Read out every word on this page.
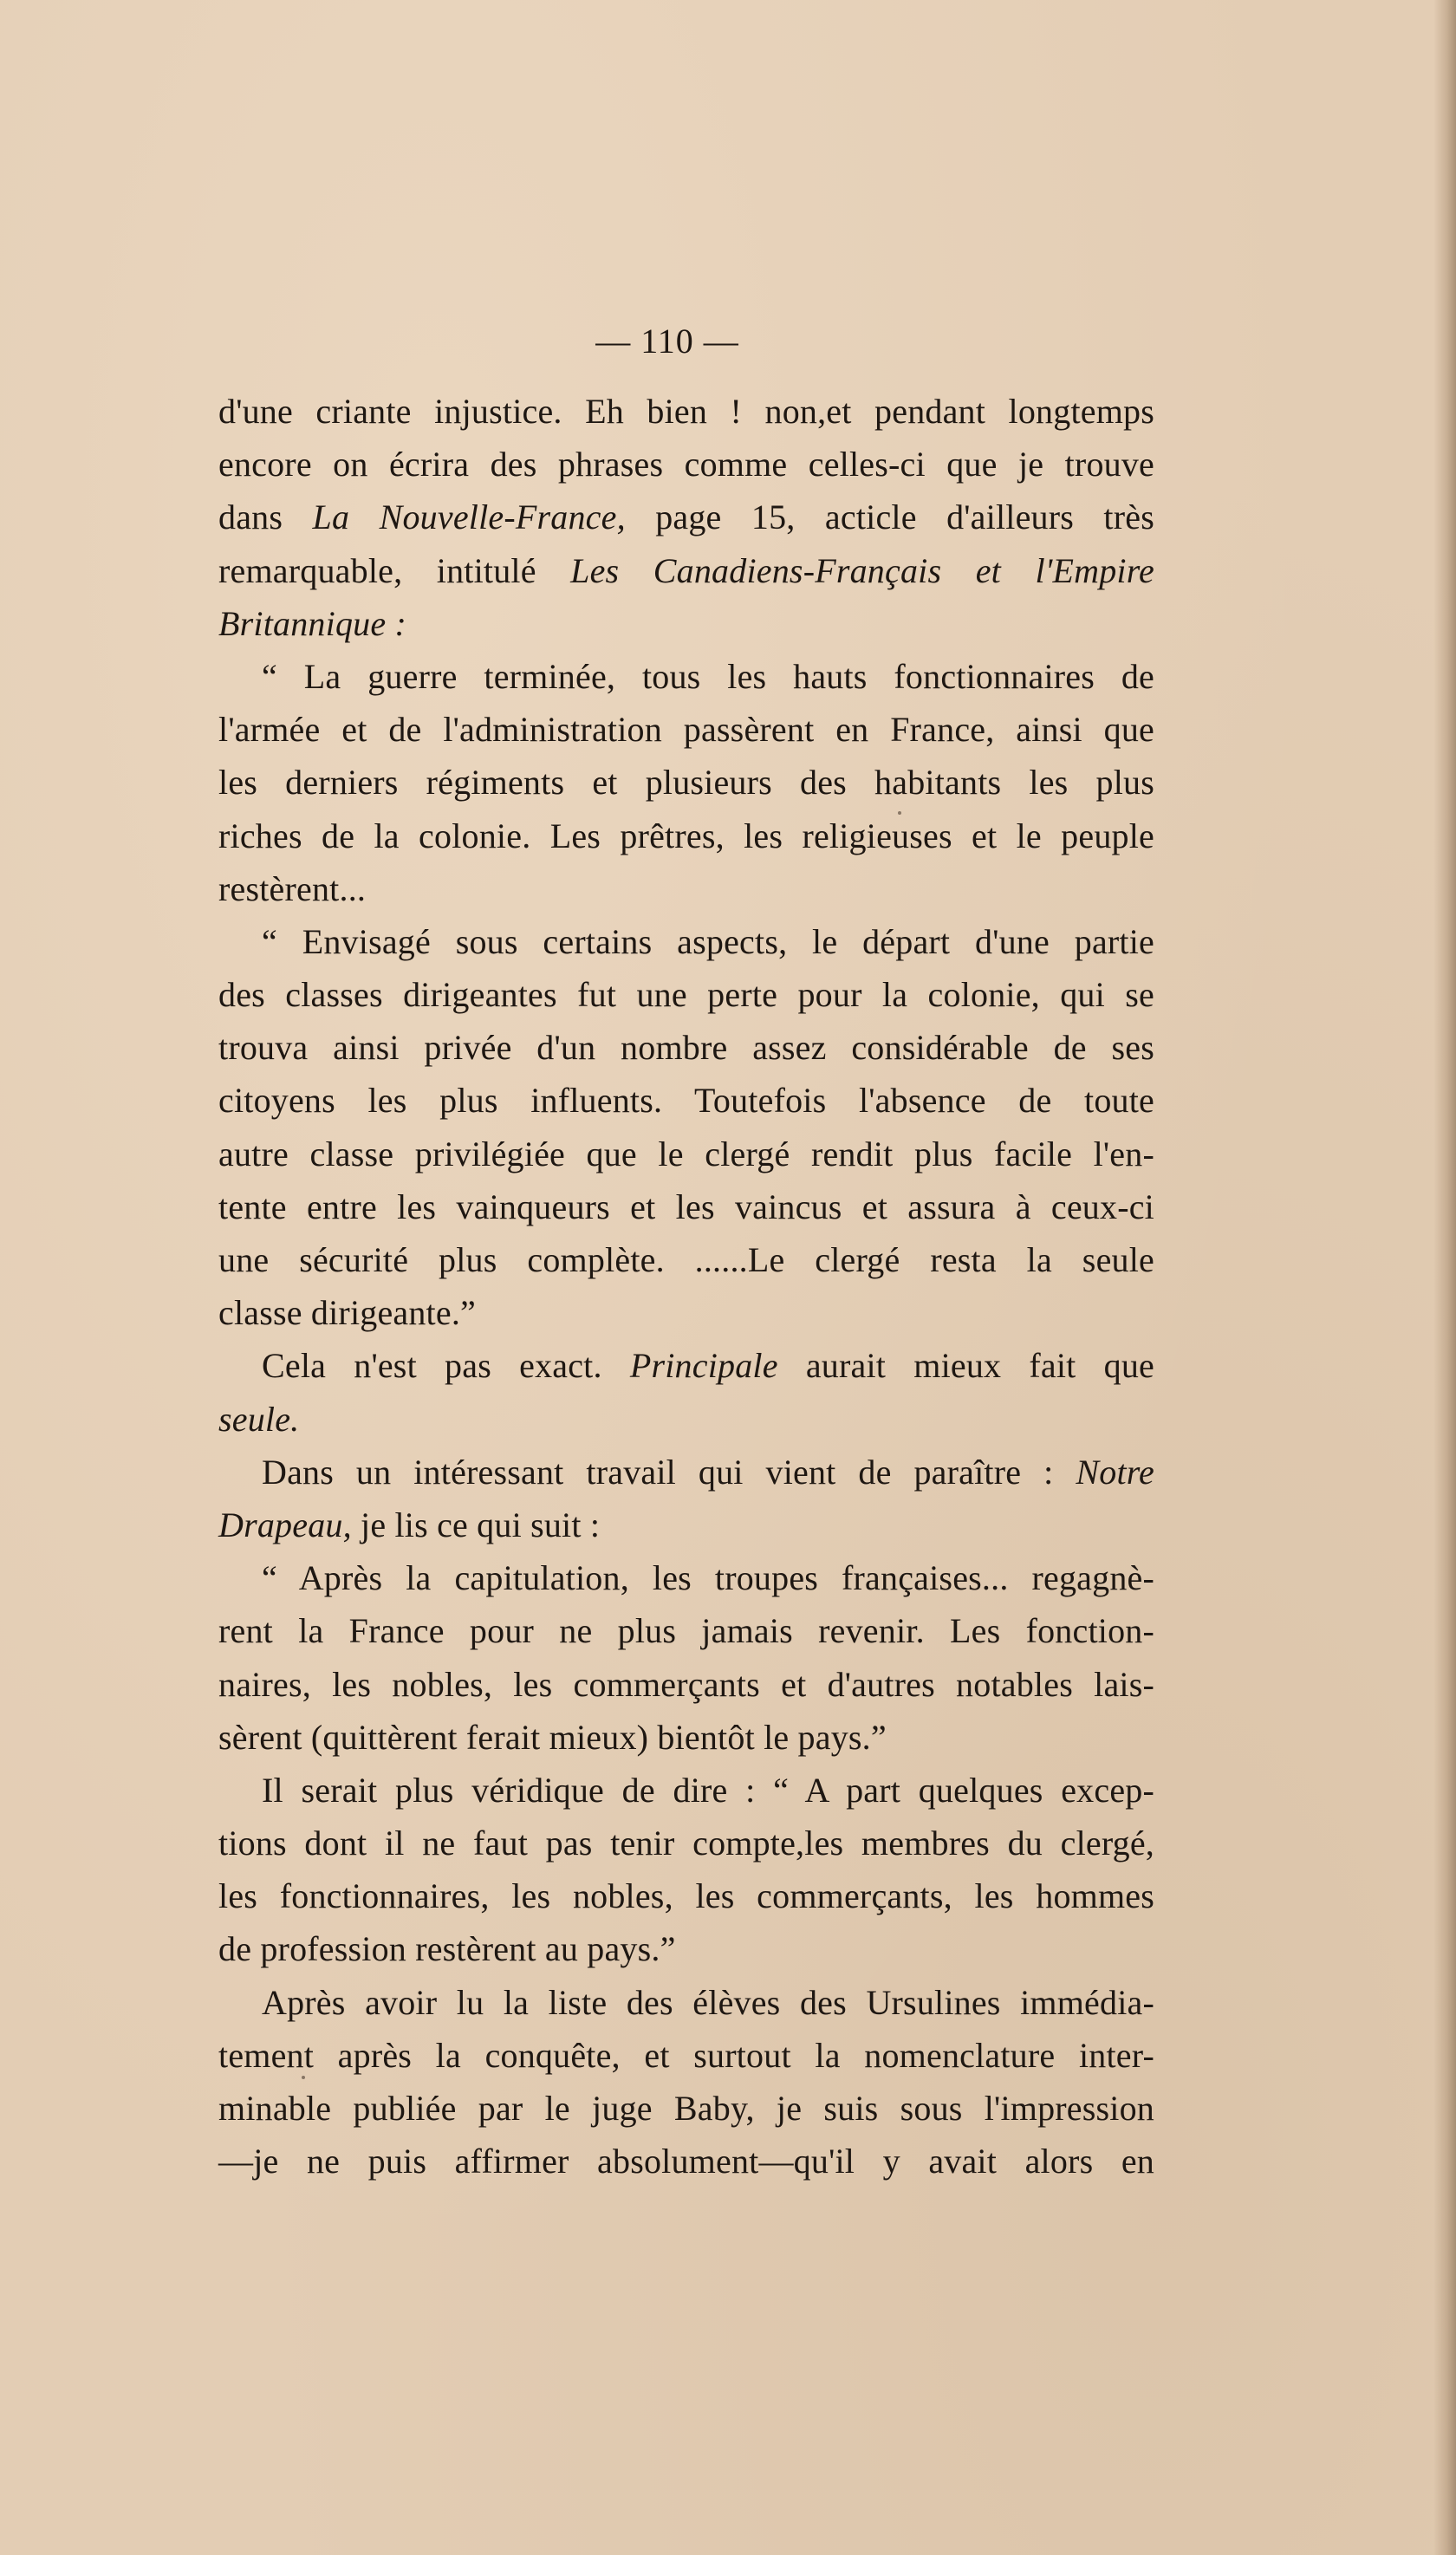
— 110 —
d'une criante injustice. Eh bien ! non,et pendant longtemps
encore on écrira des phrases comme celles-ci que je trouve
dans La Nouvelle-France, page 15, acticle d'ailleurs très
remarquable, intitulé Les Canadiens-Français et l'Empire
Britannique :
“ La guerre terminée, tous les hauts fonctionnaires de
l'armée et de l'administration passèrent en France, ainsi que
les derniers régiments et plusieurs des habitants les plus
riches de la colonie. Les prêtres, les religieuses et le peuple
restèrent...
“ Envisagé sous certains aspects, le départ d'une partie
des classes dirigeantes fut une perte pour la colonie, qui se
trouva ainsi privée d'un nombre assez considérable de ses
citoyens les plus influents. Toutefois l'absence de toute
autre classe privilégiée que le clergé rendit plus facile l'en-
tente entre les vainqueurs et les vaincus et assura à ceux-ci
une sécurité plus complète. ......Le clergé resta la seule
classe dirigeante.”
Cela n'est pas exact. Principale aurait mieux fait que
seule.
Dans un intéressant travail qui vient de paraître : Notre
Drapeau, je lis ce qui suit :
“ Après la capitulation, les troupes françaises... regagnè-
rent la France pour ne plus jamais revenir. Les fonction-
naires, les nobles, les commerçants et d'autres notables lais-
sèrent (quittèrent ferait mieux) bientôt le pays.”
Il serait plus véridique de dire : “ A part quelques excep-
tions dont il ne faut pas tenir compte,les membres du clergé,
les fonctionnaires, les nobles, les commerçants, les hommes
de profession restèrent au pays.”
Après avoir lu la liste des élèves des Ursulines immédia-
tement après la conquête, et surtout la nomenclature inter-
minable publiée par le juge Baby, je suis sous l'impression
—je ne puis affirmer absolument—qu'il y avait alors en
